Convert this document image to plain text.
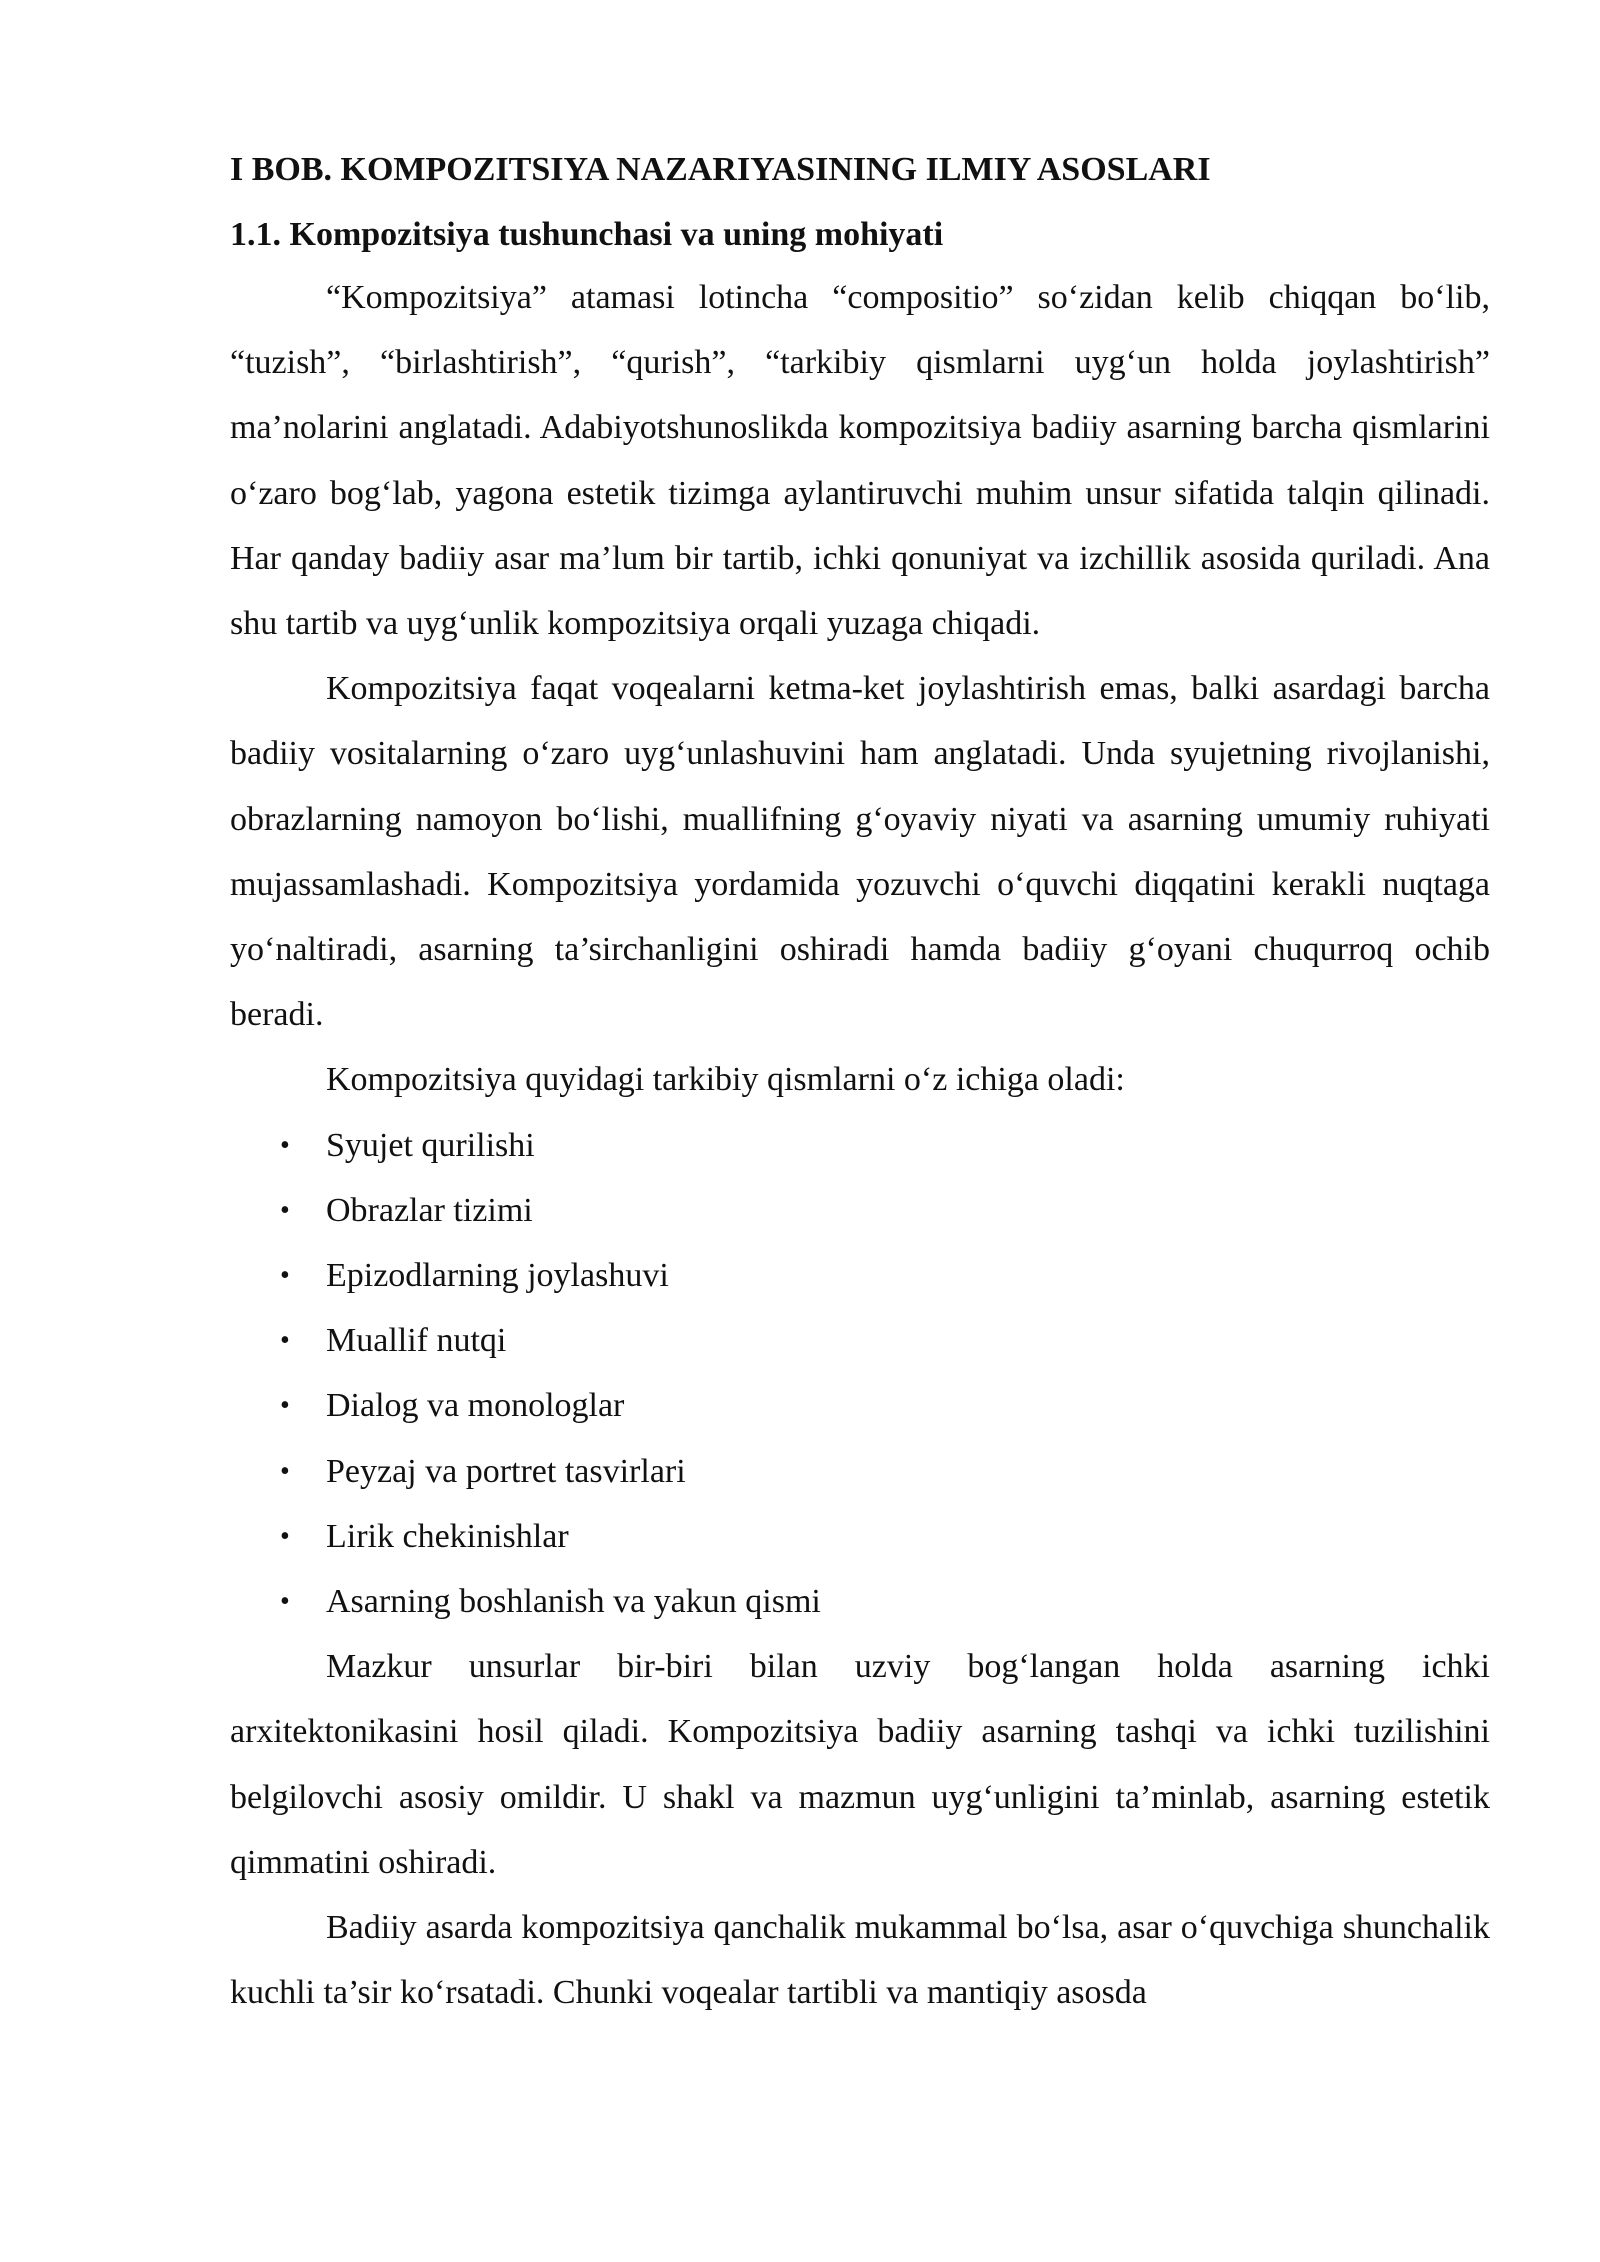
I BOB. KOMPOZITSIYA NAZARIYASINING ILMIY ASOSLARI
1.1. Kompozitsiya tushunchasi va uning mohiyati

“Kompozitsiya” atamasi lotincha “compositio” so‘zidan kelib chiqqan bo‘lib, “tuzish”, “birlashtirish”, “qurish”, “tarkibiy qismlarni uyg‘un holda joylashtirish” ma’nolarini anglatadi. Adabiyotshunoslikda kompozitsiya badiiy asarning barcha qismlarini o‘zaro bog‘lab, yagona estetik tizimga aylantiruvchi muhim unsur sifatida talqin qilinadi. Har qanday badiiy asar ma’lum bir tartib, ichki qonuniyat va izchillik asosida quriladi. Ana shu tartib va uyg‘unlik kompozitsiya orqali yuzaga chiqadi.

Kompozitsiya faqat voqealarni ketma-ket joylashtirish emas, balki asardagi barcha badiiy vositalarning o‘zaro uyg‘unlashuvini ham anglatadi. Unda syujetning rivojlanishi, obrazlarning namoyon bo‘lishi, muallifning g‘oyaviy niyati va asarning umumiy ruhiyati mujassamlashadi. Kompozitsiya yordamida yozuvchi o‘quvchi diqqatini kerakli nuqtaga yo‘naltiradi, asarning ta’sirchanligini oshiradi hamda badiiy g‘oyani chuqurroq ochib beradi.

Kompozitsiya quyidagi tarkibiy qismlarni o‘z ichiga oladi:

• Syujet qurilishi
• Obrazlar tizimi
• Epizodlarning joylashuvi
• Muallif nutqi
• Dialog va monologlar
• Peyzaj va portret tasvirlari
• Lirik chekinishlar
• Asarning boshlanish va yakun qismi

Mazkur unsurlar bir-biri bilan uzviy bog‘langan holda asarning ichki arxitektonikasini hosil qiladi. Kompozitsiya badiiy asarning tashqi va ichki tuzilishini belgilovchi asosiy omildir. U shakl va mazmun uyg‘unligini ta’minlab, asarning estetik qimmatini oshiradi.

Badiiy asarda kompozitsiya qanchalik mukammal bo‘lsa, asar o‘quvchiga shunchalik kuchli ta’sir ko‘rsatadi. Chunki voqealar tartibli va mantiqiy asosda
